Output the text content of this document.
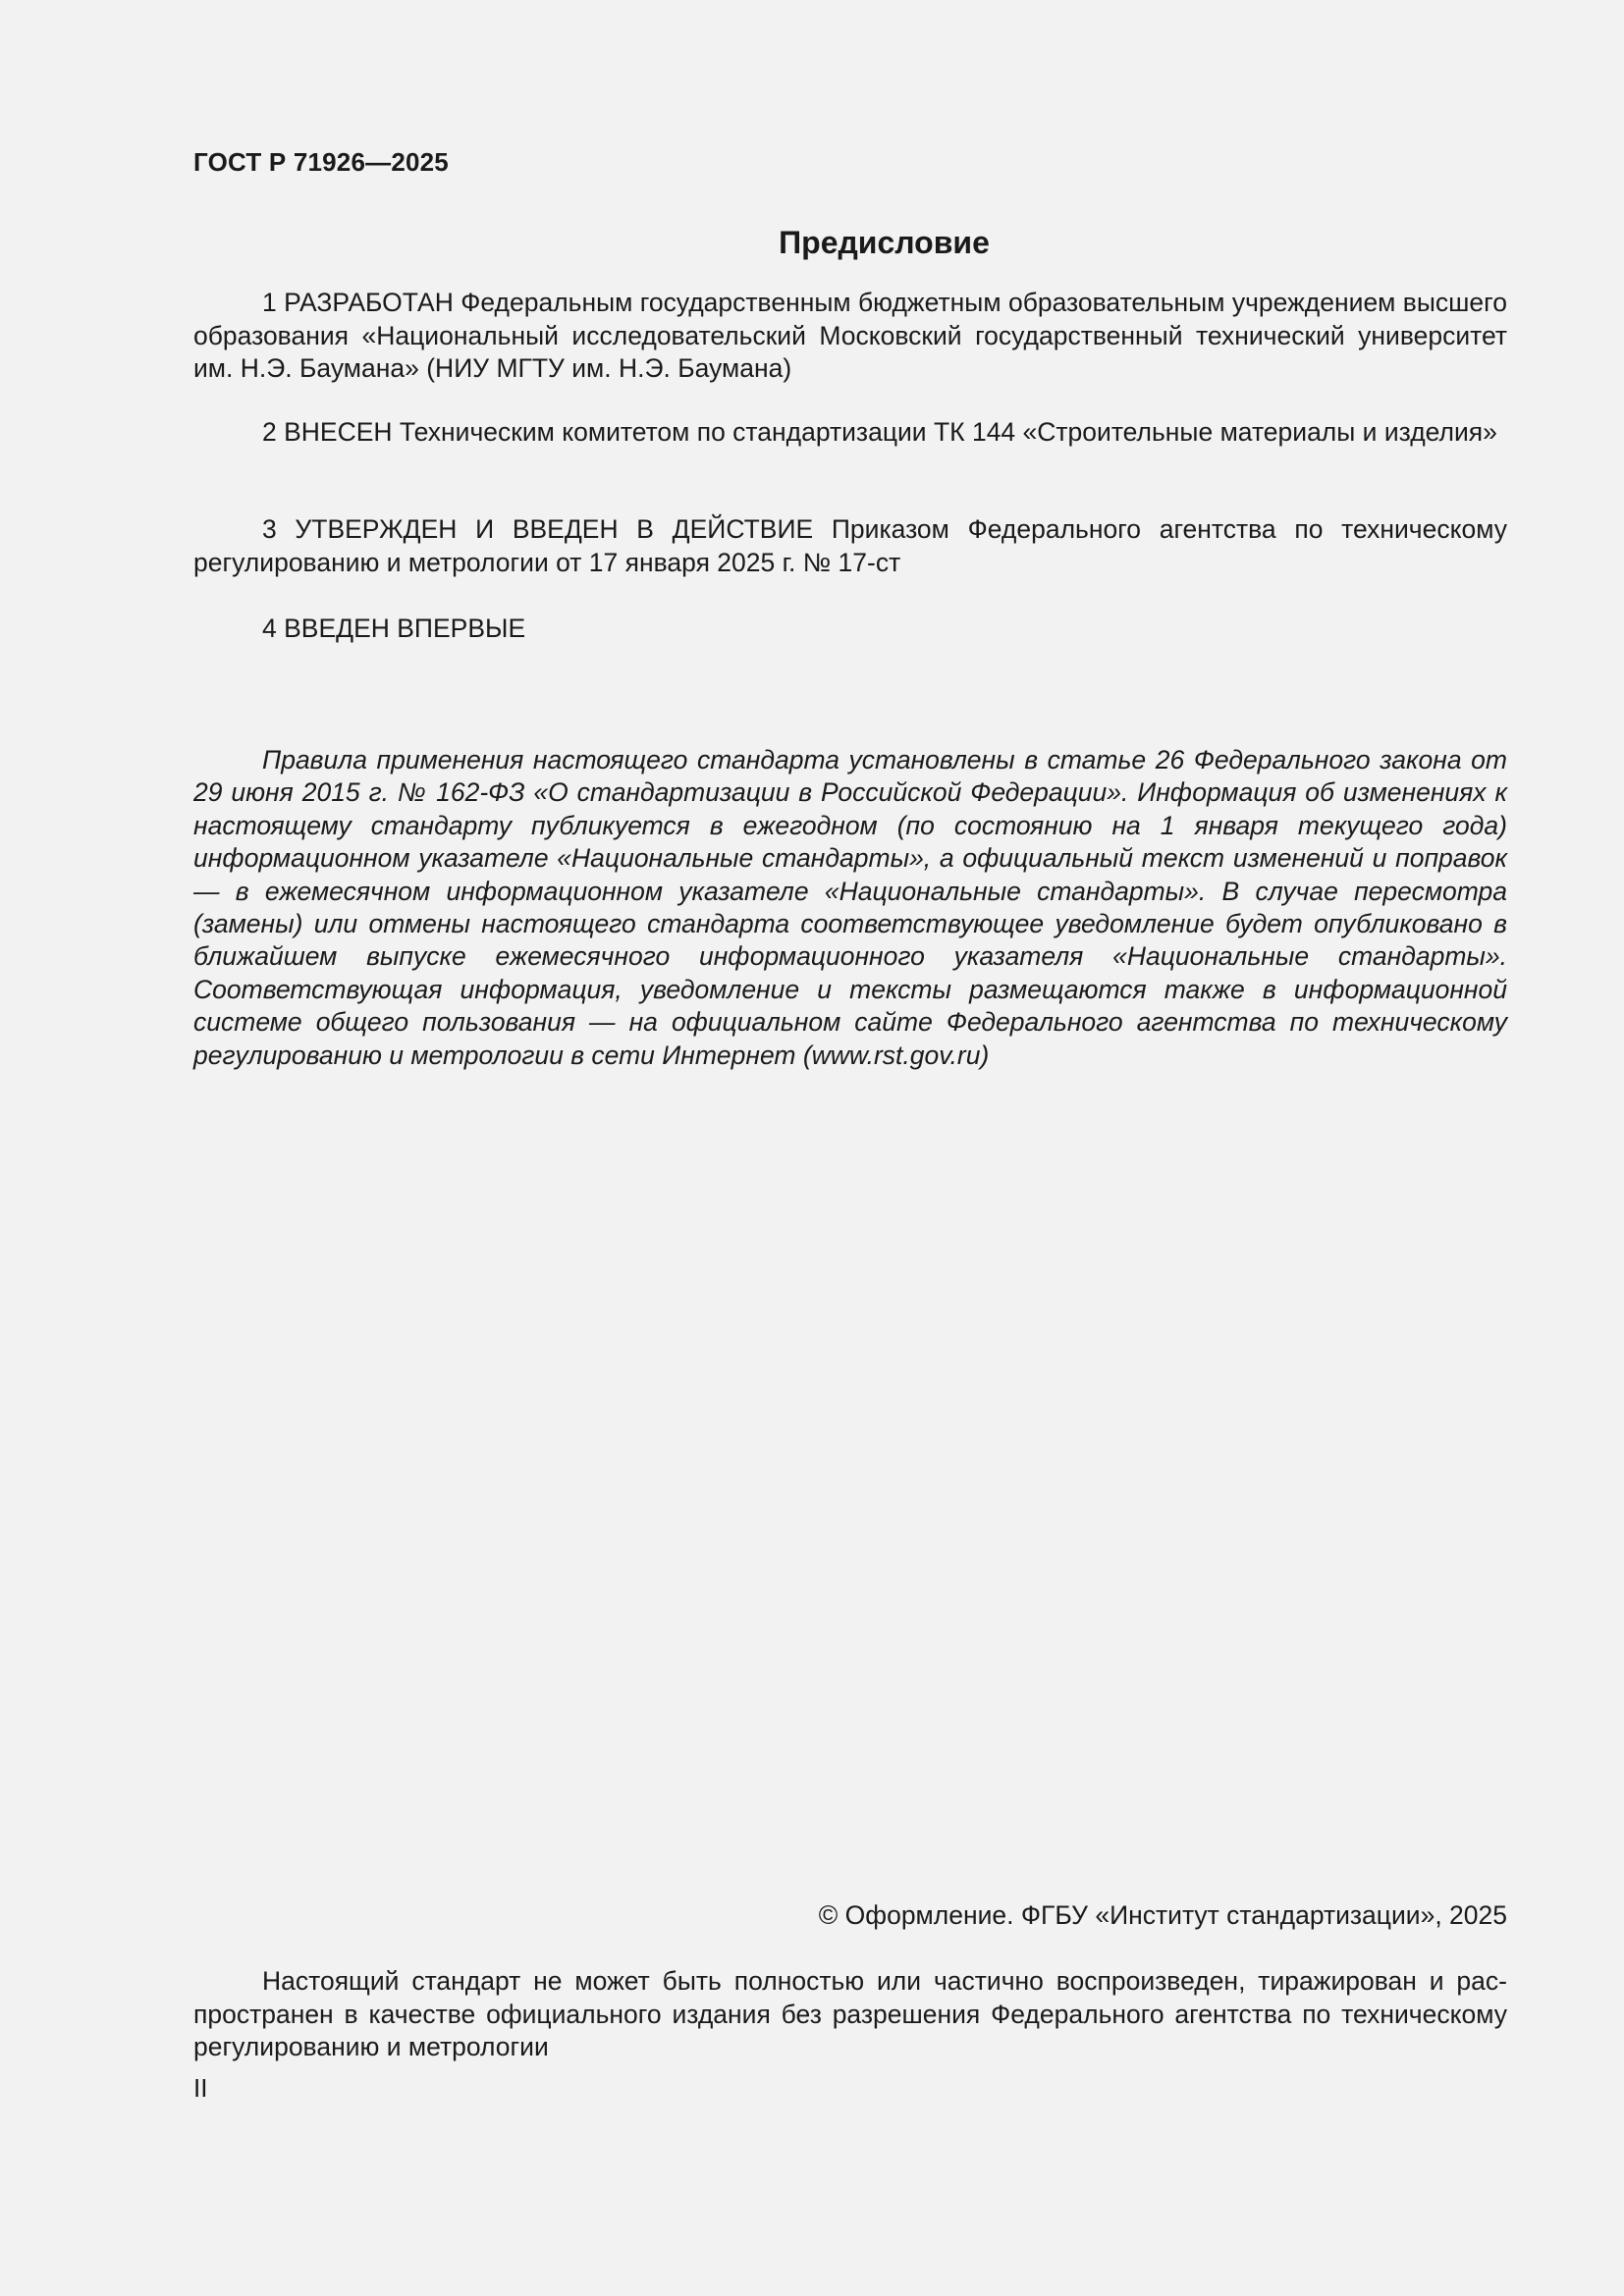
ГОСТ Р 71926—2025
Предисловие

1 РАЗРАБОТАН Федеральным государственным бюджетным образовательным учреждением высшего образования «Национальный исследовательский Московский государственный технический университет им. Н.Э. Баумана» (НИУ МГТУ им. Н.Э. Баумана)

2 ВНЕСЕН Техническим комитетом по стандартизации ТК 144 «Строительные материалы и изделия»

3 УТВЕРЖДЕН И ВВЕДЕН В ДЕЙСТВИЕ Приказом Федерального агентства по техническому регулированию и метрологии от 17 января 2025 г. № 17-ст

4 ВВЕДЕН ВПЕРВЫЕ

Правила применения настоящего стандарта установлены в статье 26 Федерального закона от 29 июня 2015 г. № 162-ФЗ «О стандартизации в Российской Федерации». Информация об изменениях к настоящему стандарту публикуется в ежегодном (по состоянию на 1 января текущего года) информационном указателе «Национальные стандарты», а официальный текст изменений и поправок — в ежемесячном информационном указателе «Национальные стандарты». В случае пересмотра (замены) или отмены настоящего стандарта соответствующее уведомление будет опубликовано в ближайшем выпуске ежемесячного информационного указателя «Национальные стандарты». Соответствующая информация, уведомление и тексты размещаются также в информационной системе общего пользования — на официальном сайте Федерального агентства по техническому регулированию и метрологии в сети Интернет (www.rst.gov.ru)

© Оформление. ФГБУ «Институт стандартизации», 2025

Настоящий стандарт не может быть полностью или частично воспроизведен, тиражирован и распространен в качестве официального издания без разрешения Федерального агентства по техническому регулированию и метрологии

II
